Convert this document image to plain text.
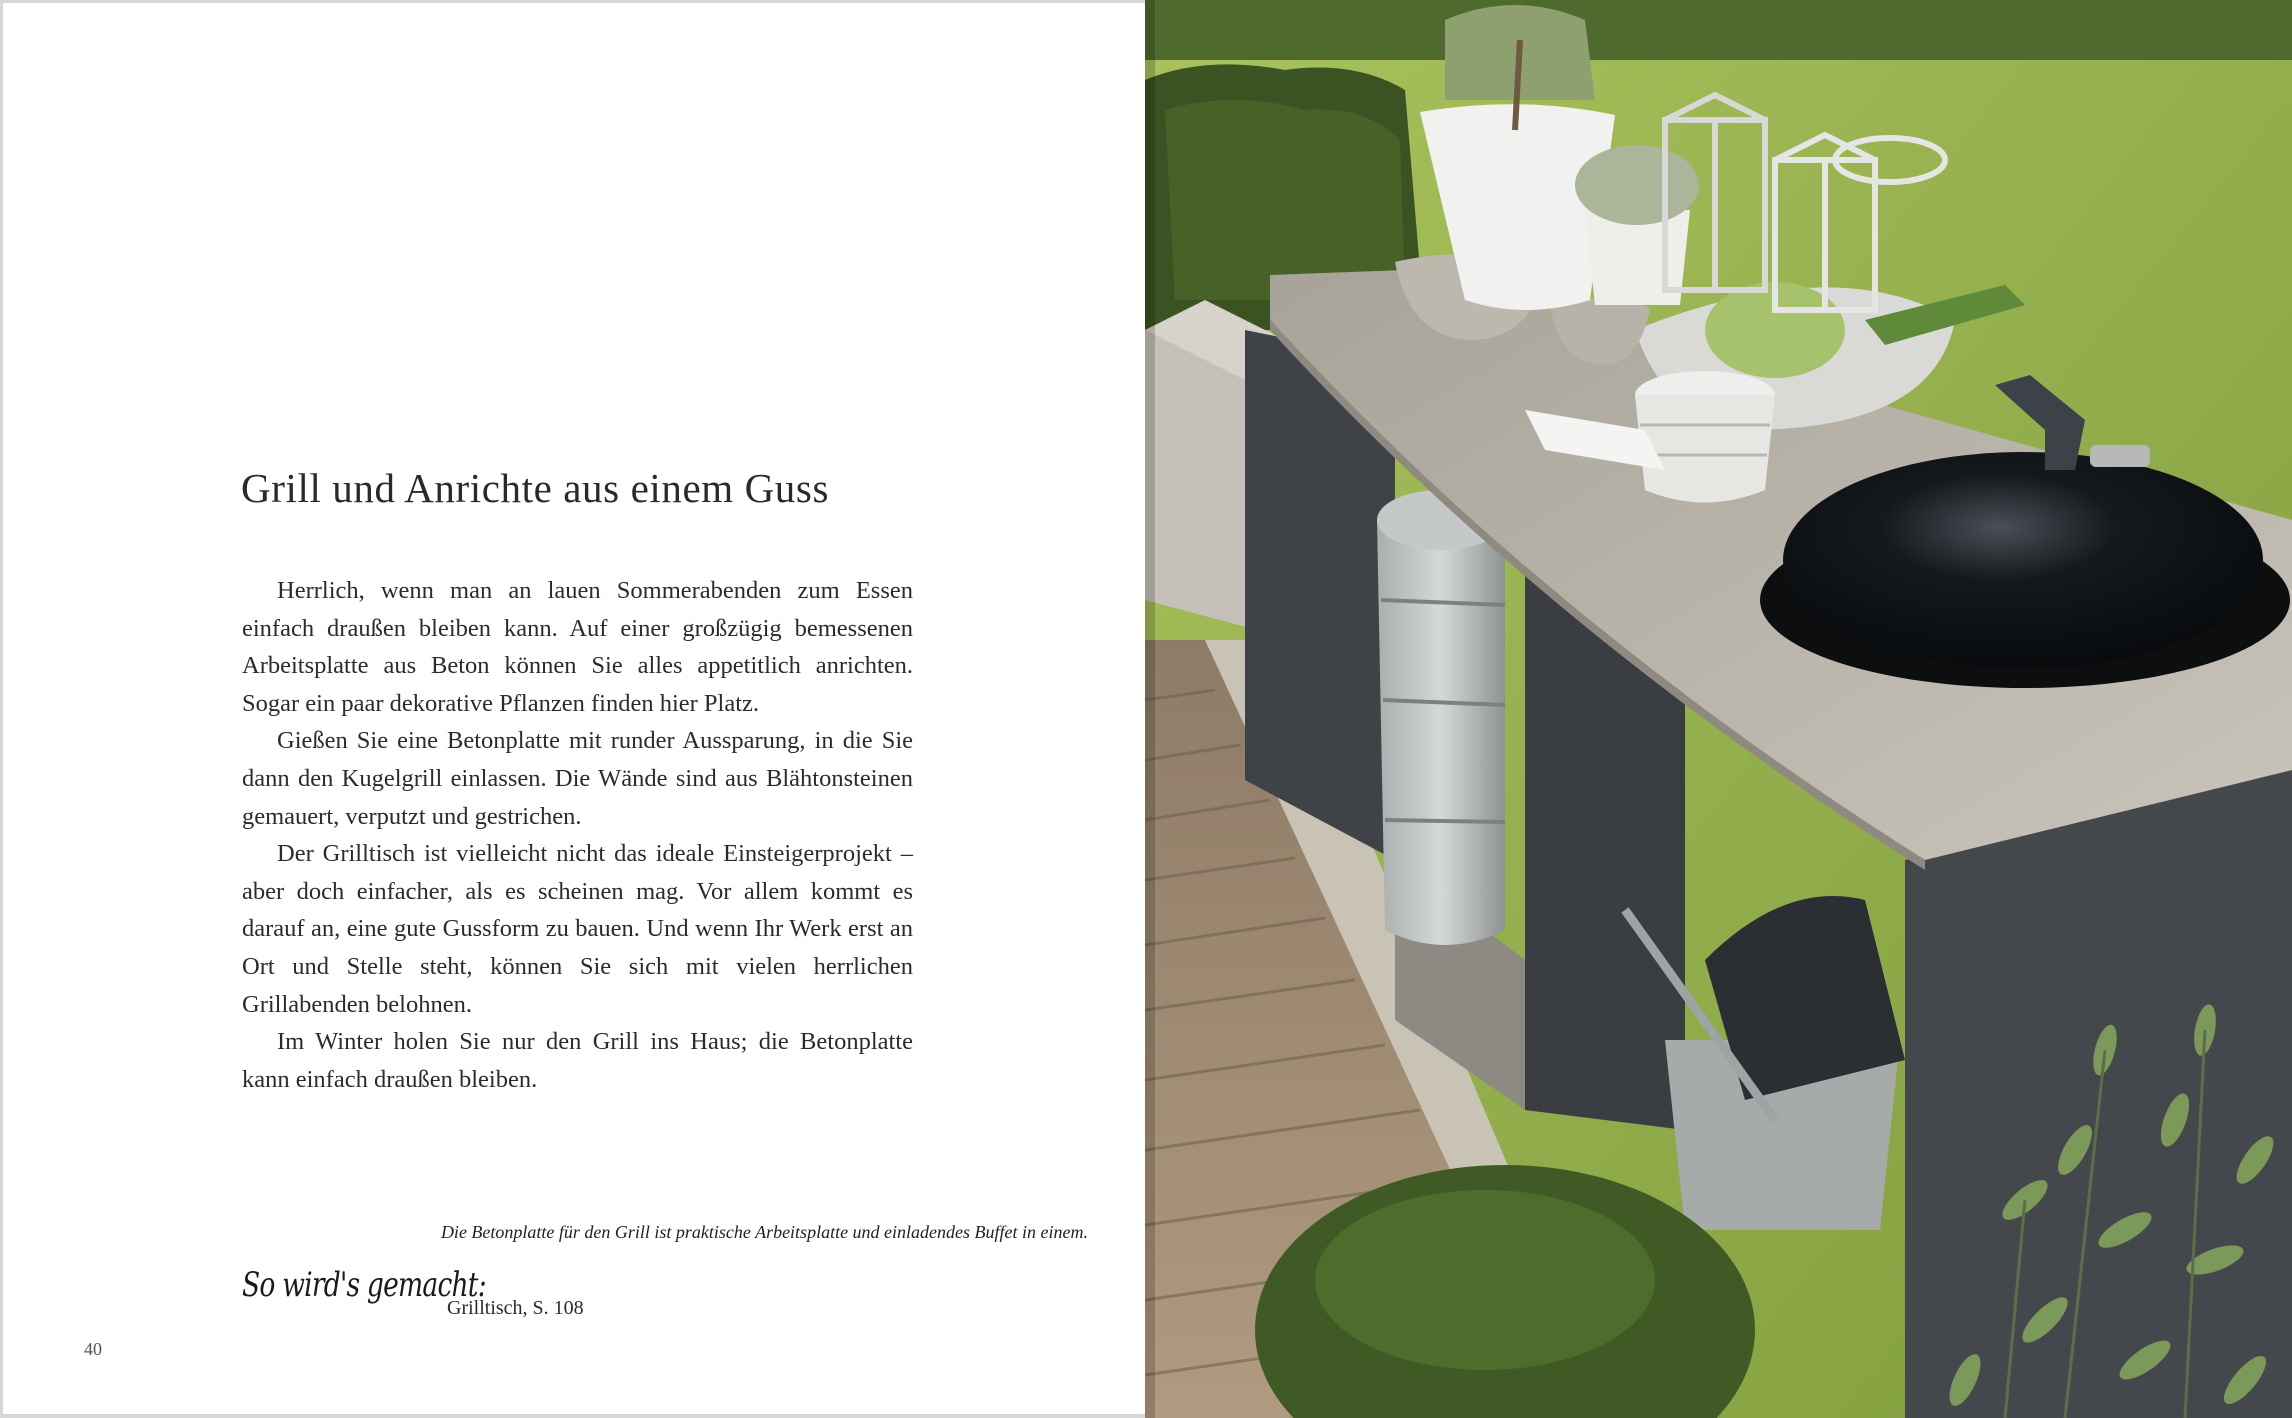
Grill und Anrichte aus einem Guss

Herrlich, wenn man an lauen Sommerabenden zum Essen einfach draußen bleiben kann. Auf einer großzügig bemessenen Arbeitsplatte aus Beton können Sie alles appetitlich anrichten. Sogar ein paar dekorative Pflanzen finden hier Platz.

Gießen Sie eine Betonplatte mit runder Aussparung, in die Sie dann den Kugelgrill einlassen. Die Wände sind aus Blähtonsteinen gemauert, verputzt und gestrichen.

Der Grilltisch ist vielleicht nicht das ideale Einsteigerprojekt – aber doch einfacher, als es scheinen mag. Vor allem kommt es darauf an, eine gute Gussform zu bauen. Und wenn Ihr Werk erst an Ort und Stelle steht, können Sie sich mit vielen herrlichen Grillabenden belohnen.

Im Winter holen Sie nur den Grill ins Haus; die Betonplatte kann einfach draußen bleiben.

Die Betonplatte für den Grill ist praktische Arbeitsplatte und einladendes Buffet in einem.

So wird's gemacht:
Grilltisch, S. 108
40
